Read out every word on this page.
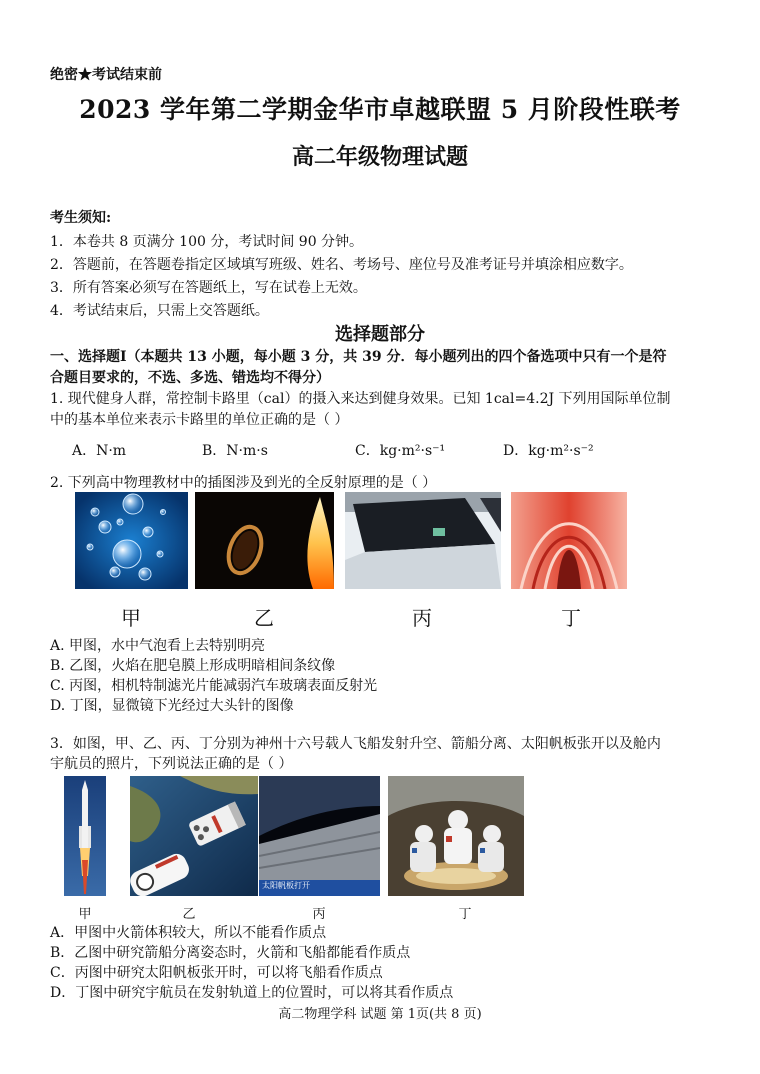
绝密★考试结束前
2023 学年第二学期金华市卓越联盟 5 月阶段性联考
高二年级物理试题
考生须知:
1．本卷共 8 页满分 100 分，考试时间 90 分钟。
2．答题前，在答题卷指定区域填写班级、姓名、考场号、座位号及准考证号并填涂相应数字。
3．所有答案必须写在答题纸上，写在试卷上无效。
4．考试结束后，只需上交答题纸。
选择题部分
一、选择题Ⅰ（本题共 13 小题，每小题 3 分，共 39 分．每小题列出的四个备选项中只有一个是符
合题目要求的，不选、多选、错选均不得分）
1. 现代健身人群，常控制卡路里（cal）的摄入来达到健身效果。已知 1cal=4.2J 下列用国际单位制
中的基本单位来表示卡路里的单位正确的是（ ）
A．N·m	B．N·m·s	C．kg·m²·s⁻¹	D．kg·m²·s⁻²
2. 下列高中物理教材中的插图涉及到光的全反射原理的是（ ）
甲	乙	丙	丁
A. 甲图，水中气泡看上去特别明亮
B. 乙图，火焰在肥皂膜上形成明暗相间条纹像
C. 丙图，相机特制滤光片能减弱汽车玻璃表面反射光
D. 丁图，显微镜下光经过大头针的图像
3．如图，甲、乙、丙、丁分别为神州十六号载人飞船发射升空、箭船分离、太阳帆板张开以及舱内
宇航员的照片，下列说法正确的是（ ）
太阳帆板打开
甲	乙	丙	丁
A．甲图中火箭体积较大，所以不能看作质点
B．乙图中研究箭船分离姿态时，火箭和飞船都能看作质点
C．丙图中研究太阳帆板张开时，可以将飞船看作质点
D．丁图中研究宇航员在发射轨道上的位置时，可以将其看作质点
高二物理学科 试题 第 1页(共 8 页)
